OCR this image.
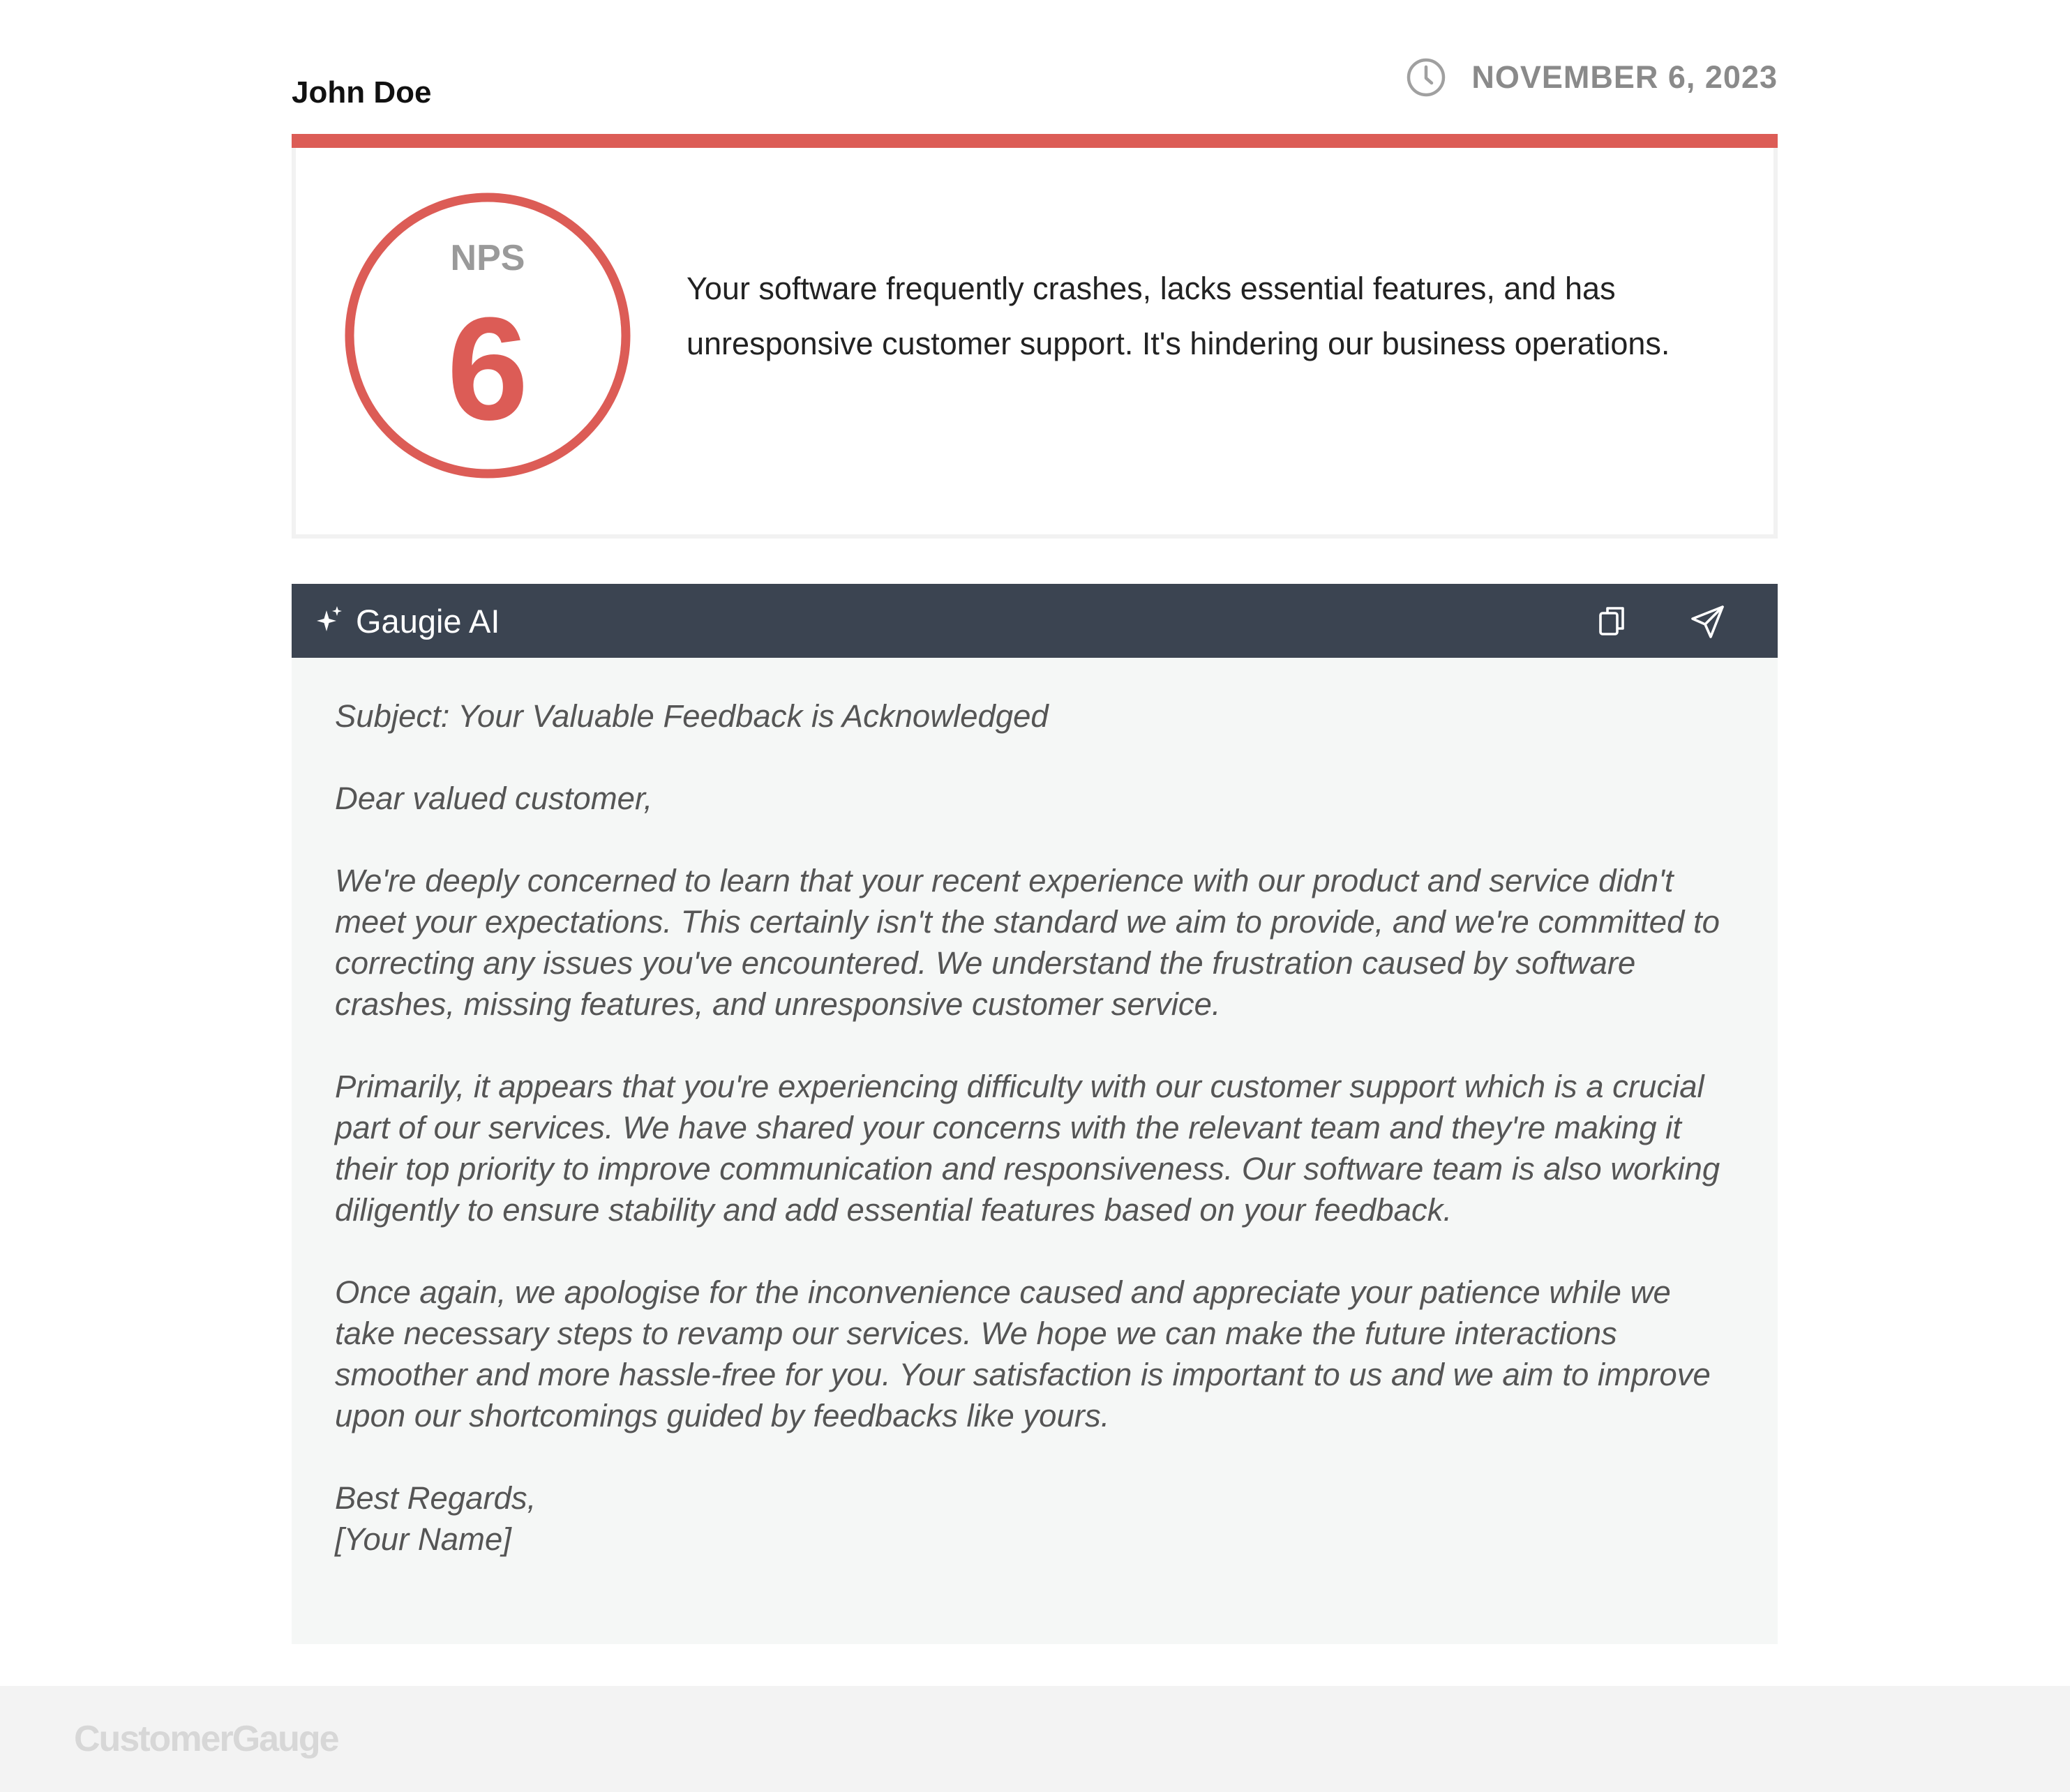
John Doe	NOVEMBER 6, 2023
NPS
6	Your software frequently crashes, lacks essential features, and has unresponsive customer support. It's hindering our business operations.

Gaugie AI

Subject: Your Valuable Feedback is Acknowledged

Dear valued customer,

We're deeply concerned to learn that your recent experience with our product and service didn't meet your expectations. This certainly isn't the standard we aim to provide, and we're committed to correcting any issues you've encountered. We understand the frustration caused by software crashes, missing features, and unresponsive customer service.

Primarily, it appears that you're experiencing difficulty with our customer support which is a crucial part of our services. We have shared your concerns with the relevant team and they're making it their top priority to improve communication and responsiveness. Our software team is also working diligently to ensure stability and add essential features based on your feedback.

Once again, we apologise for the inconvenience caused and appreciate your patience while we take necessary steps to revamp our services. We hope we can make the future interactions smoother and more hassle-free for you. Your satisfaction is important to us and we aim to improve upon our shortcomings guided by feedbacks like yours.

Best Regards,

[Your Name]

CustomerGauge
